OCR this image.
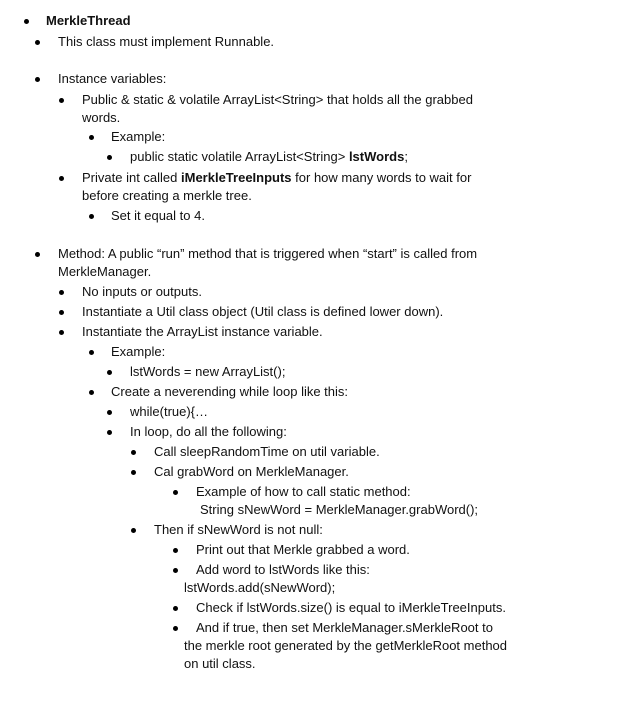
MerkleThread
This class must implement Runnable.
Instance variables:
Public & static & volatile ArrayList<String> that holds all the grabbed
words.
Example:
public static volatile ArrayList<String> lstWords;
Private int called iMerkleTreeInputs for how many words to wait for
before creating a merkle tree.
Set it equal to 4.
Method: A public “run” method that is triggered when “start” is called from
MerkleManager.
No inputs or outputs.
Instantiate a Util class object (Util class is defined lower down).
Instantiate the ArrayList instance variable.
Example:
lstWords = new ArrayList();
Create a neverending while loop like this:
while(true){…
In loop, do all the following:
Call sleepRandomTime on util variable.
Cal grabWord on MerkleManager.
Example of how to call static method:
String sNewWord = MerkleManager.grabWord();
Then if sNewWord is not null:
Print out that Merkle grabbed a word.
Add word to lstWords like this:
lstWords.add(sNewWord);
Check if lstWords.size() is equal to iMerkleTreeInputs.
And if true, then set MerkleManager.sMerkleRoot to
the merkle root generated by the getMerkleRoot method
on util class.
